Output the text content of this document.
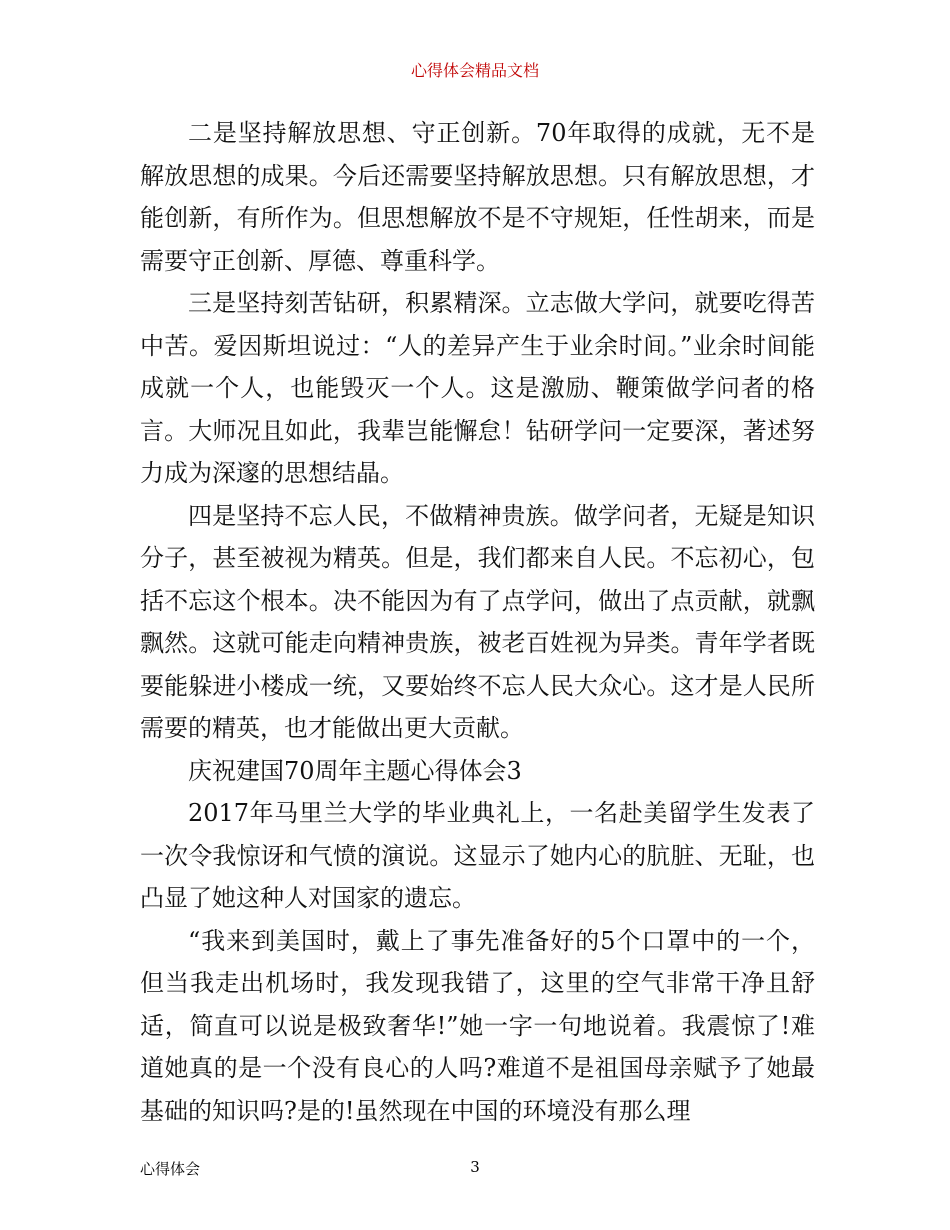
心得体会精品文档

二是坚持解放思想、守正创新。70年取得的成就，无不是解放思想的成果。今后还需要坚持解放思想。只有解放思想，才能创新，有所作为。但思想解放不是不守规矩，任性胡来，而是需要守正创新、厚德、尊重科学。

三是坚持刻苦钻研，积累精深。立志做大学问，就要吃得苦中苦。爱因斯坦说过：“人的差异产生于业余时间。”业余时间能成就一个人，也能毁灭一个人。这是激励、鞭策做学问者的格言。大师况且如此，我辈岂能懈怠！钻研学问一定要深，著述努力成为深邃的思想结晶。

四是坚持不忘人民，不做精神贵族。做学问者，无疑是知识分子，甚至被视为精英。但是，我们都来自人民。不忘初心，包括不忘这个根本。决不能因为有了点学问，做出了点贡献，就飘飘然。这就可能走向精神贵族，被老百姓视为异类。青年学者既要能躲进小楼成一统，又要始终不忘人民大众心。这才是人民所需要的精英，也才能做出更大贡献。

庆祝建国70周年主题心得体会3

2017年马里兰大学的毕业典礼上，一名赴美留学生发表了一次令我惊讶和气愤的演说。这显示了她内心的肮脏、无耻，也凸显了她这种人对国家的遗忘。

“我来到美国时，戴上了事先准备好的5个口罩中的一个，但当我走出机场时，我发现我错了，这里的空气非常干净且舒适，简直可以说是极致奢华!”她一字一句地说着。我震惊了!难道她真的是一个没有良心的人吗?难道不是祖国母亲赋予了她最基础的知识吗?是的!虽然现在中国的环境没有那么理

心得体会	3
